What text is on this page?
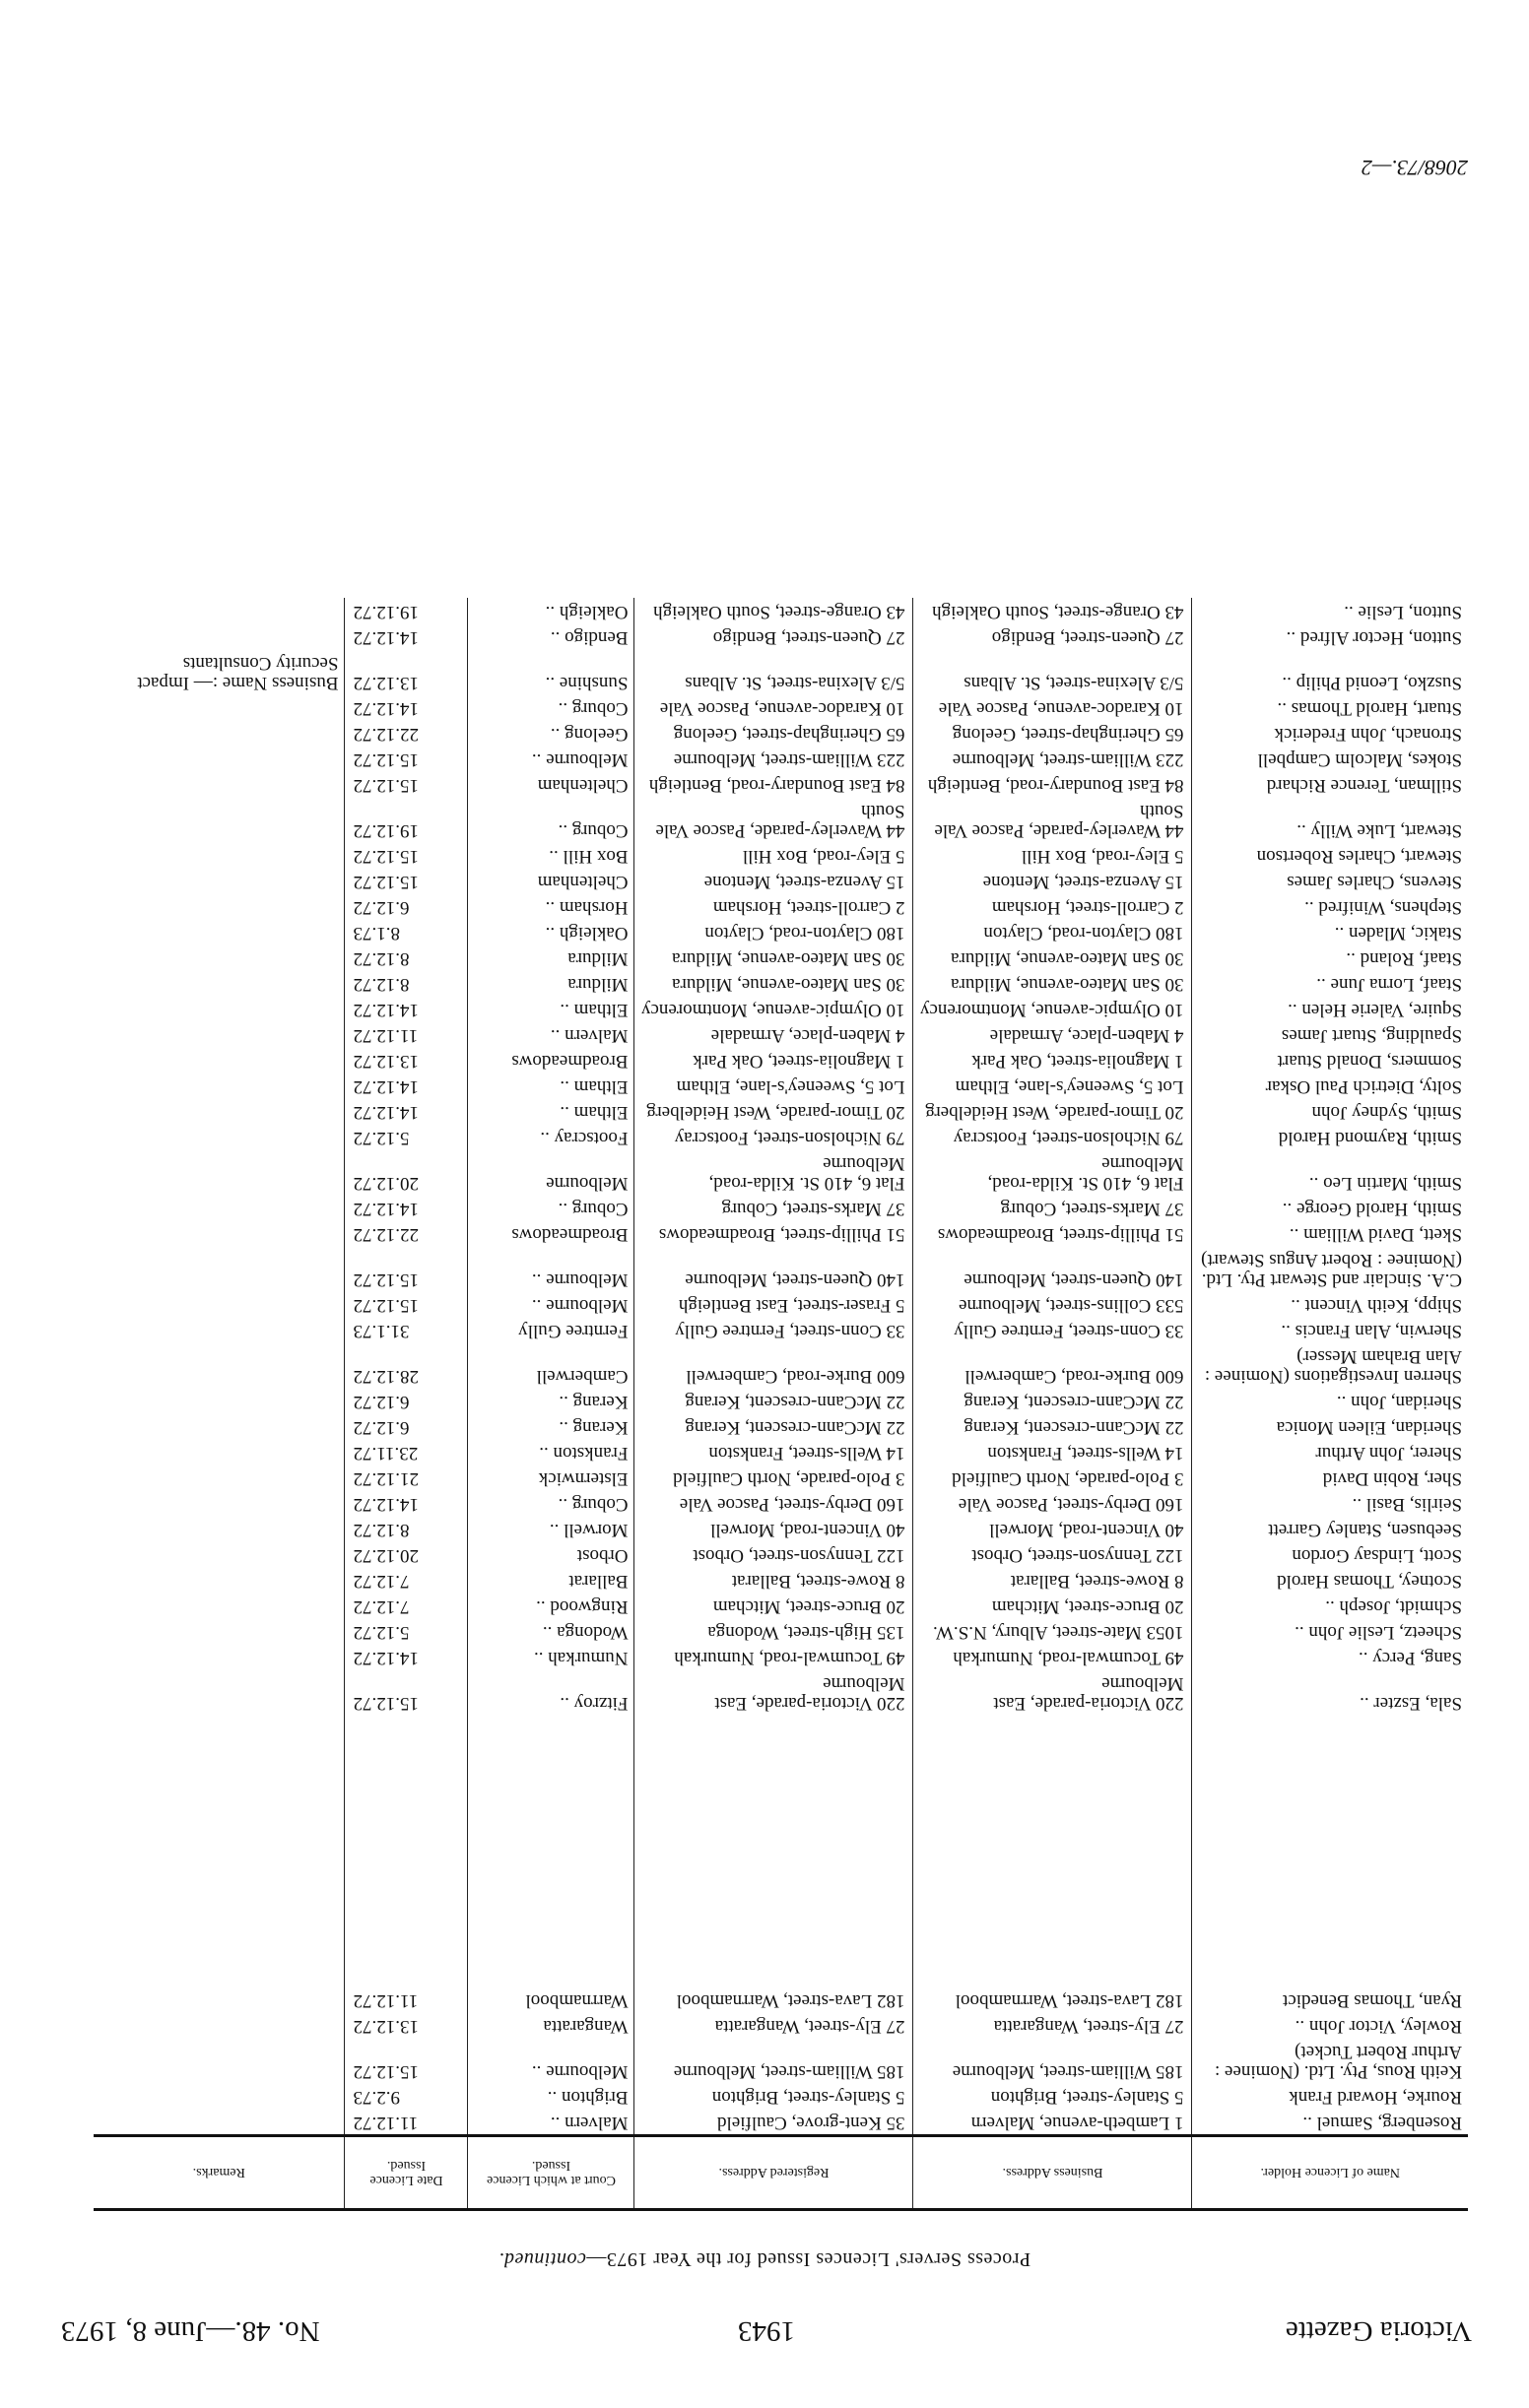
Victoria Gazette
1943
No. 48.—June 8, 1973
Process Servers' Licences Issued for the Year 1973—continued.
Name of Licence Holder.	Business Address.	Registered Address.	Court at which Licence Issued.	Date Licence Issued.	Remarks.
Rosenberg, Samuel ..	1 Lambeth-avenue, Malvern	35 Kent-grove, Caulfield	Malvern ..	11.12.72	
Rourke, Howard Frank	5 Stanley-street, Brighton	5 Stanley-street, Brighton	Brighton ..	9.2.73	
Keith Rous, Pty. Ltd. (Nominee : Arthur Robert Tucket)	185 William-street, Melbourne	185 William-street, Melbourne	Melbourne ..	15.12.72	
Rowley, Victor John ..	27 Ely-street, Wangaratta	27 Ely-street, Wangaratta	Wangaratta	13.12.72	
Ryan, Thomas Benedict	182 Lava-street, Warrnambool	182 Lava-street, Warrnambool	Warrnambool	11.12.72	

Sala, Eszter ..	220 Victoria-parade, East Melbourne	220 Victoria-parade, East Melbourne	Fitzroy ..	15.12.72	
Sang, Percy ..	49 Tocumwal-road, Numurkah	49 Tocumwal-road, Numurkah	Numurkah ..	14.12.72	
Scheetz, Leslie John ..	1053 Mate-street, Albury, N.S.W.	135 High-street, Wodonga	Wodonga ..	5.12.72	
Schmidt, Joseph ..	20 Bruce-street, Mitcham	20 Bruce-street, Mitcham	Ringwood ..	7.12.72	
Scotney, Thomas Harold	8 Rowe-street, Ballarat	8 Rowe-street, Ballarat	Ballarat	7.12.72	
Scott, Lindsay Gordon	122 Tennyson-street, Orbost	122 Tennyson-street, Orbost	Orbost	20.12.72	
Seebusen, Stanley Garrett	40 Vincent-road, Morwell	40 Vincent-road, Morwell	Morwell ..	8.12.72	
Seirlis, Basil ..	160 Derby-street, Pascoe Vale	160 Derby-street, Pascoe Vale	Coburg ..	14.12.72	
Sher, Robin David	3 Polo-parade, North Caulfield	3 Polo-parade, North Caulfield	Elsternwick	21.12.72	
Sherer, John Arthur	14 Wells-street, Frankston	14 Wells-street, Frankston	Frankston ..	23.11.72	
Sheridan, Eileen Monica	22 McCann-crescent, Kerang	22 McCann-crescent, Kerang	Kerang ..	6.12.72	
Sheridan, John ..	22 McCann-crescent, Kerang	22 McCann-crescent, Kerang	Kerang ..	6.12.72	
Sherren Investigations (Nominee : Alan Braham Messer)	600 Burke-road, Camberwell	600 Burke-road, Camberwell	Camberwell	28.12.72	
Sherwin, Alan Francis ..	33 Conn-street, Ferntree Gully	33 Conn-street, Ferntree Gully	Ferntree Gully	31.1.73	
Shipp, Keith Vincent ..	533 Collins-street, Melbourne	5 Fraser-street, East Bentleigh	Melbourne ..	15.12.72	
C.A. Sinclair and Stewart Pty. Ltd. (Nominee : Robert Angus Stewart)	140 Queen-street, Melbourne	140 Queen-street, Melbourne	Melbourne ..	15.12.72	
Skett, David William ..	51 Phillip-street, Broadmeadows	51 Phillip-street, Broadmeadows	Broadmeadows	22.12.72	
Smith, Harold George ..	37 Marks-street, Coburg	37 Marks-street, Coburg	Coburg ..	14.12.72	
Smith, Martin Leo ..	Flat 6, 410 St. Kilda-road, Melbourne	Flat 6, 410 St. Kilda-road, Melbourne	Melbourne	20.12.72	
Smith, Raymond Harold	79 Nicholson-street, Footscray	79 Nicholson-street, Footscray	Footscray ..	5.12.72	
Smith, Sydney John	20 Timor-parade, West Heidelberg	20 Timor-parade, West Heidelberg	Eltham ..	14.12.72	
Solty, Dietrich Paul Oskar	Lot 5, Sweeney's-lane, Eltham	Lot 5, Sweeney's-lane, Eltham	Eltham ..	14.12.72	
Sommers, Donald Stuart	1 Magnolia-street, Oak Park	1 Magnolia-street, Oak Park	Broadmeadows	13.12.72	
Spaulding, Stuart James	4 Maben-place, Armadale	4 Maben-place, Armadale	Malvern ..	11.12.72	
Squire, Valerie Helen ..	10 Olympic-avenue, Montmorency	10 Olympic-avenue, Montmorency	Eltham ..	14.12.72	
Staaf, Lorna June ..	30 San Mateo-avenue, Mildura	30 San Mateo-avenue, Mildura	Mildura	8.12.72	
Staaf, Roland ..	30 San Mateo-avenue, Mildura	30 San Mateo-avenue, Mildura	Mildura	8.12.72	
Stakic, Mladen ..	180 Clayton-road, Clayton	180 Clayton-road, Clayton	Oakleigh ..	8.1.73	
Stephens, Winifred ..	2 Carroll-street, Horsham	2 Carroll-street, Horsham	Horsham ..	6.12.72	
Stevens, Charles James	15 Avenza-street, Mentone	15 Avenza-street, Mentone	Cheltenham	15.12.72	
Stewart, Charles Robertson	5 Eley-road, Box Hill	5 Eley-road, Box Hill	Box Hill ..	15.12.72	
Stewart, Luke Willy ..	44 Waverley-parade, Pascoe Vale South	44 Waverley-parade, Pascoe Vale South	Coburg ..	19.12.72	
Stillman, Terence Richard	84 East Boundary-road, Bentleigh	84 East Boundary-road, Bentleigh	Cheltenham	15.12.72	
Stokes, Malcolm Campbell	223 William-street, Melbourne	223 William-street, Melbourne	Melbourne ..	15.12.72	
Stronach, John Frederick	65 Gheringhap-street, Geelong	65 Gheringhap-street, Geelong	Geelong ..	22.12.72	
Stuart, Harold Thomas ..	10 Karadoc-avenue, Pascoe Vale	10 Karadoc-avenue, Pascoe Vale	Coburg ..	14.12.72	
Suszko, Leonid Philip ..	5/3 Alexina-street, St. Albans	5/3 Alexina-street, St. Albans	Sunshine ..	13.12.72	Business Name :— Impact Security Consultants
Sutton, Hector Alfred ..	27 Queen-street, Bendigo	27 Queen-street, Bendigo	Bendigo ..	14.12.72	
Sutton, Leslie ..	43 Orange-street, South Oakleigh	43 Orange-street, South Oakleigh	Oakleigh ..	19.12.72	
2068/73.—2
